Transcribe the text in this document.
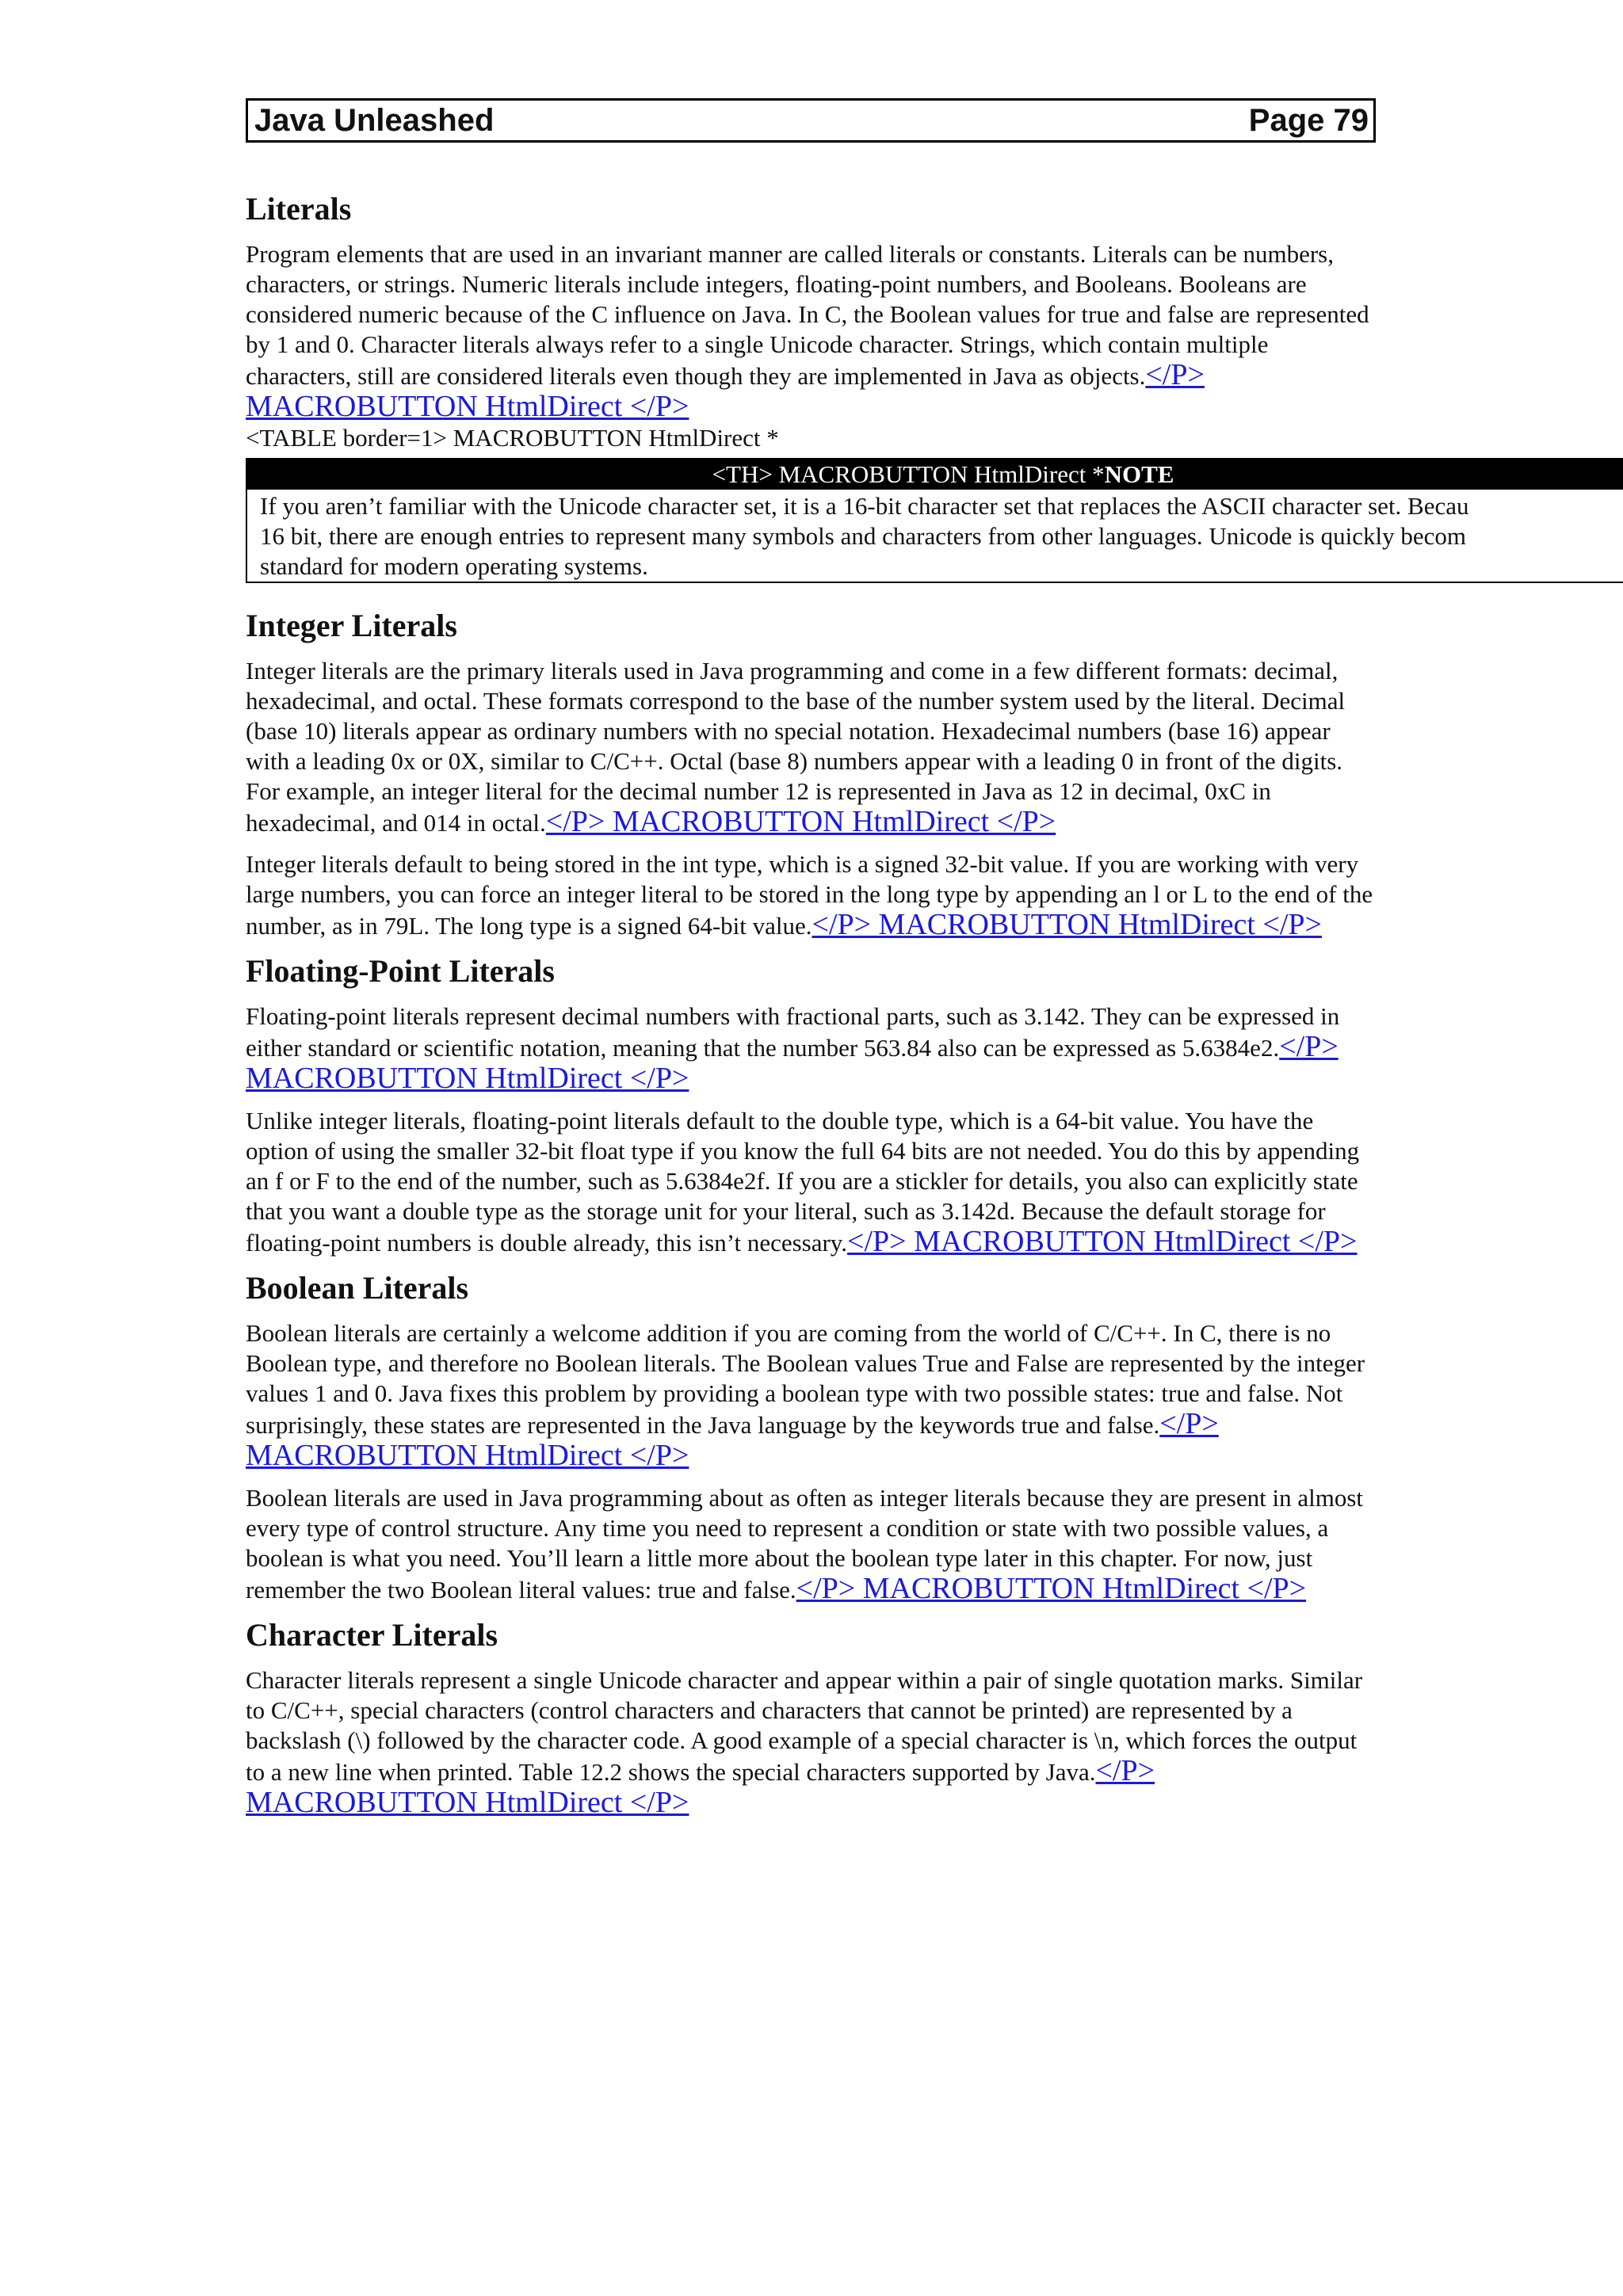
Java Unleashed	Page 79
Literals

Program elements that are used in an invariant manner are called literals or constants. Literals can be numbers, characters, or strings. Numeric literals include integers, floating-point numbers, and Booleans. Booleans are considered numeric because of the C influence on Java. In C, the Boolean values for true and false are represented by 1 and 0. Character literals always refer to a single Unicode character. Strings, which contain multiple characters, still are considered literals even though they are implemented in Java as objects.</P> MACROBUTTON HtmlDirect </P>

<TABLE border=1> MACROBUTTON HtmlDirect *
<TH> MACROBUTTON HtmlDirect *NOTE
If you aren’t familiar with the Unicode character set, it is a 16-bit character set that replaces the ASCII character set. Becau
16 bit, there are enough entries to represent many symbols and characters from other languages. Unicode is quickly becom
standard for modern operating systems.
Integer Literals

Integer literals are the primary literals used in Java programming and come in a few different formats: decimal, hexadecimal, and octal. These formats correspond to the base of the number system used by the literal. Decimal (base 10) literals appear as ordinary numbers with no special notation. Hexadecimal numbers (base 16) appear with a leading 0x or 0X, similar to C/C++. Octal (base 8) numbers appear with a leading 0 in front of the digits. For example, an integer literal for the decimal number 12 is represented in Java as 12 in decimal, 0xC in hexadecimal, and 014 in octal.</P> MACROBUTTON HtmlDirect </P>

Integer literals default to being stored in the int type, which is a signed 32-bit value. If you are working with very large numbers, you can force an integer literal to be stored in the long type by appending an l or L to the end of the number, as in 79L. The long type is a signed 64-bit value.</P> MACROBUTTON HtmlDirect </P>

Floating-Point Literals

Floating-point literals represent decimal numbers with fractional parts, such as 3.142. They can be expressed in either standard or scientific notation, meaning that the number 563.84 also can be expressed as 5.6384e2.</P> MACROBUTTON HtmlDirect </P>

Unlike integer literals, floating-point literals default to the double type, which is a 64-bit value. You have the option of using the smaller 32-bit float type if you know the full 64 bits are not needed. You do this by appending an f or F to the end of the number, such as 5.6384e2f. If you are a stickler for details, you also can explicitly state that you want a double type as the storage unit for your literal, such as 3.142d. Because the default storage for floating-point numbers is double already, this isn’t necessary.</P> MACROBUTTON HtmlDirect </P>

Boolean Literals

Boolean literals are certainly a welcome addition if you are coming from the world of C/C++. In C, there is no Boolean type, and therefore no Boolean literals. The Boolean values True and False are represented by the integer values 1 and 0. Java fixes this problem by providing a boolean type with two possible states: true and false. Not surprisingly, these states are represented in the Java language by the keywords true and false.</P> MACROBUTTON HtmlDirect </P>

Boolean literals are used in Java programming about as often as integer literals because they are present in almost every type of control structure. Any time you need to represent a condition or state with two possible values, a boolean is what you need. You’ll learn a little more about the boolean type later in this chapter. For now, just remember the two Boolean literal values: true and false.</P> MACROBUTTON HtmlDirect </P>

Character Literals

Character literals represent a single Unicode character and appear within a pair of single quotation marks. Similar to C/C++, special characters (control characters and characters that cannot be printed) are represented by a backslash (\) followed by the character code. A good example of a special character is \n, which forces the output to a new line when printed. Table 12.2 shows the special characters supported by Java.</P> MACROBUTTON HtmlDirect </P>
